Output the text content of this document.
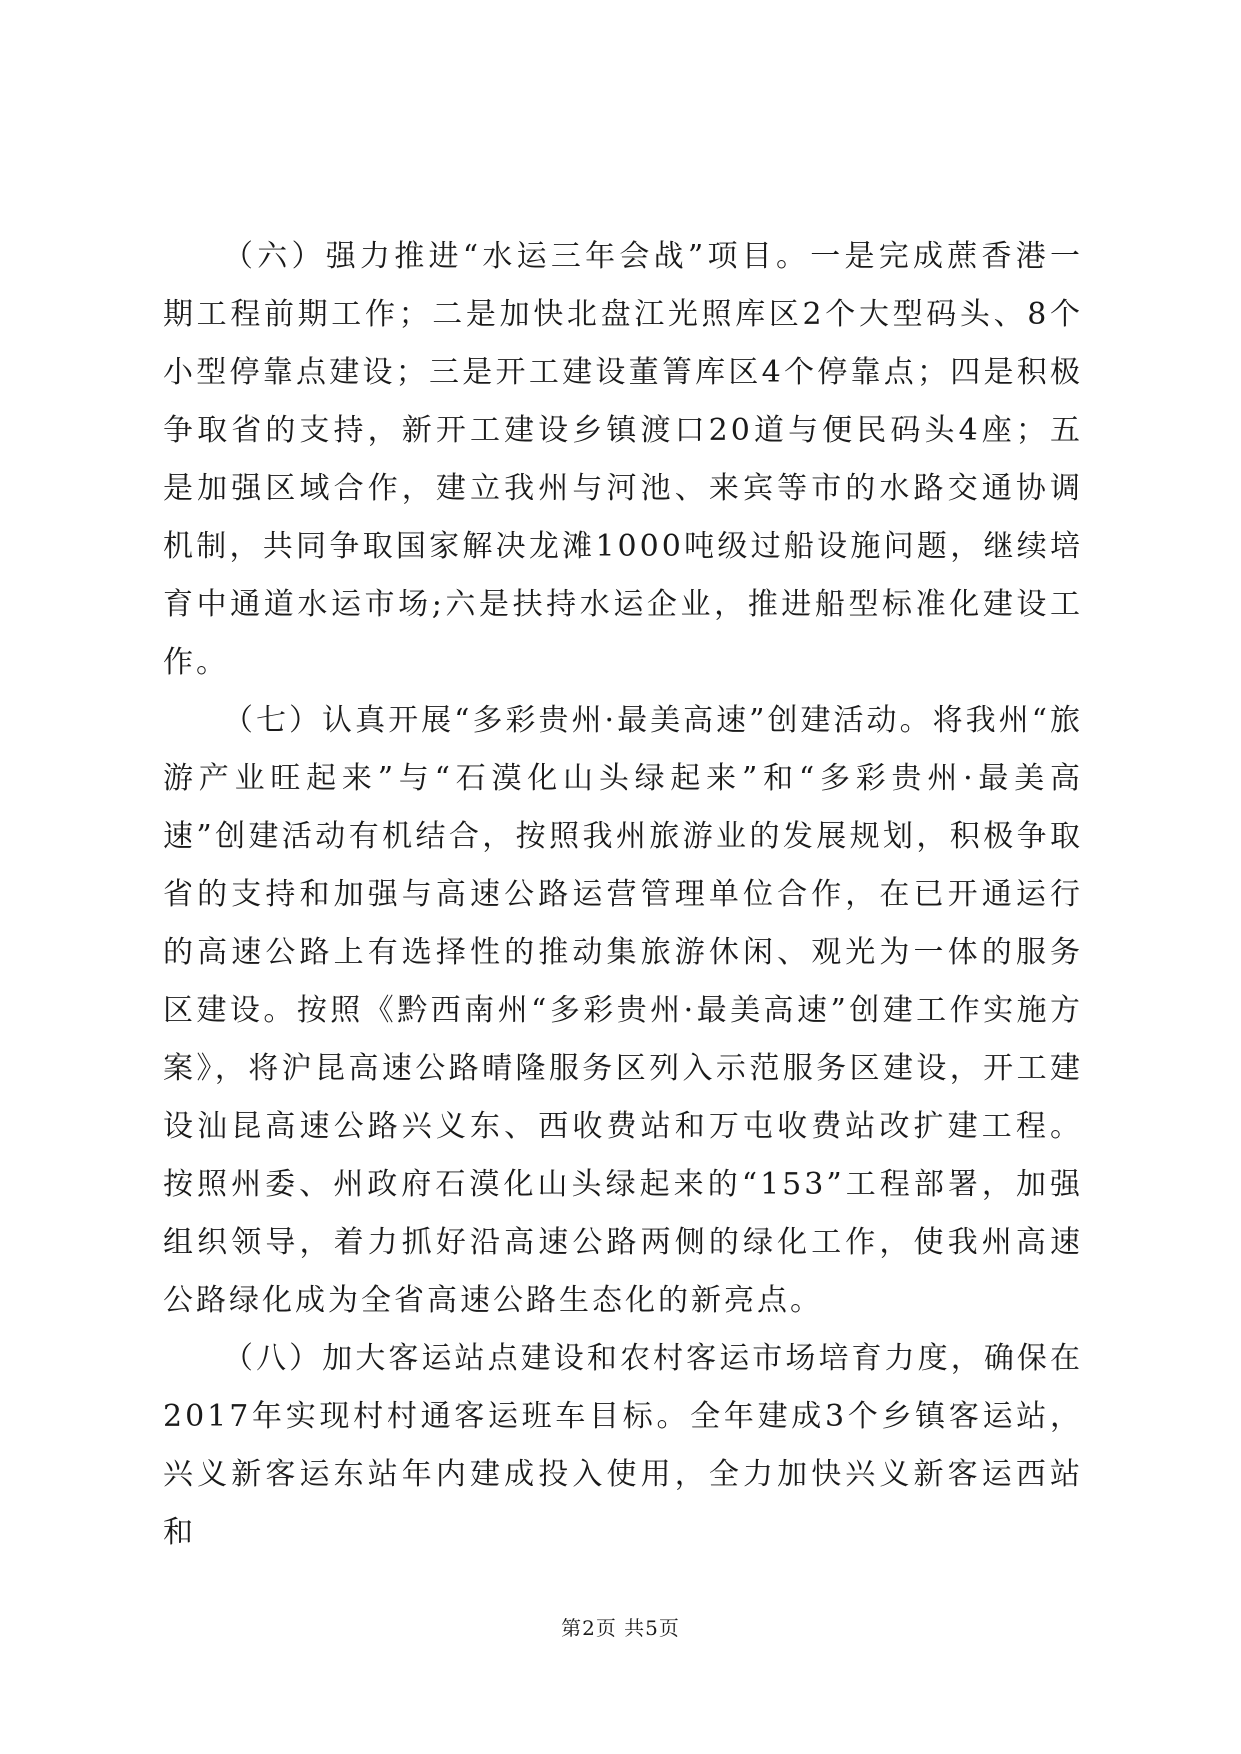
（六）强力推进“水运三年会战”项目。一是完成蔗香港一期工程前期工作；二是加快北盘江光照库区2个大型码头、8个小型停靠点建设；三是开工建设董箐库区4个停靠点；四是积极争取省的支持，新开工建设乡镇渡口20道与便民码头4座；五是加强区域合作，建立我州与河池、来宾等市的水路交通协调机制，共同争取国家解决龙滩1000吨级过船设施问题，继续培育中通道水运市场;六是扶持水运企业，推进船型标准化建设工作。

（七）认真开展“多彩贵州·最美高速”创建活动。将我州“旅游产业旺起来”与“石漠化山头绿起来”和“多彩贵州·最美高速”创建活动有机结合，按照我州旅游业的发展规划，积极争取省的支持和加强与高速公路运营管理单位合作，在已开通运行的高速公路上有选择性的推动集旅游休闲、观光为一体的服务区建设。按照《黔西南州“多彩贵州·最美高速”创建工作实施方案》，将沪昆高速公路晴隆服务区列入示范服务区建设，开工建设汕昆高速公路兴义东、西收费站和万屯收费站改扩建工程。按照州委、州政府石漠化山头绿起来的“153”工程部署，加强组织领导，着力抓好沿高速公路两侧的绿化工作，使我州高速公路绿化成为全省高速公路生态化的新亮点。

（八）加大客运站点建设和农村客运市场培育力度，确保在2017年实现村村通客运班车目标。全年建成3个乡镇客运站，兴义新客运东站年内建成投入使用，全力加快兴义新客运西站和

第2页 共5页
